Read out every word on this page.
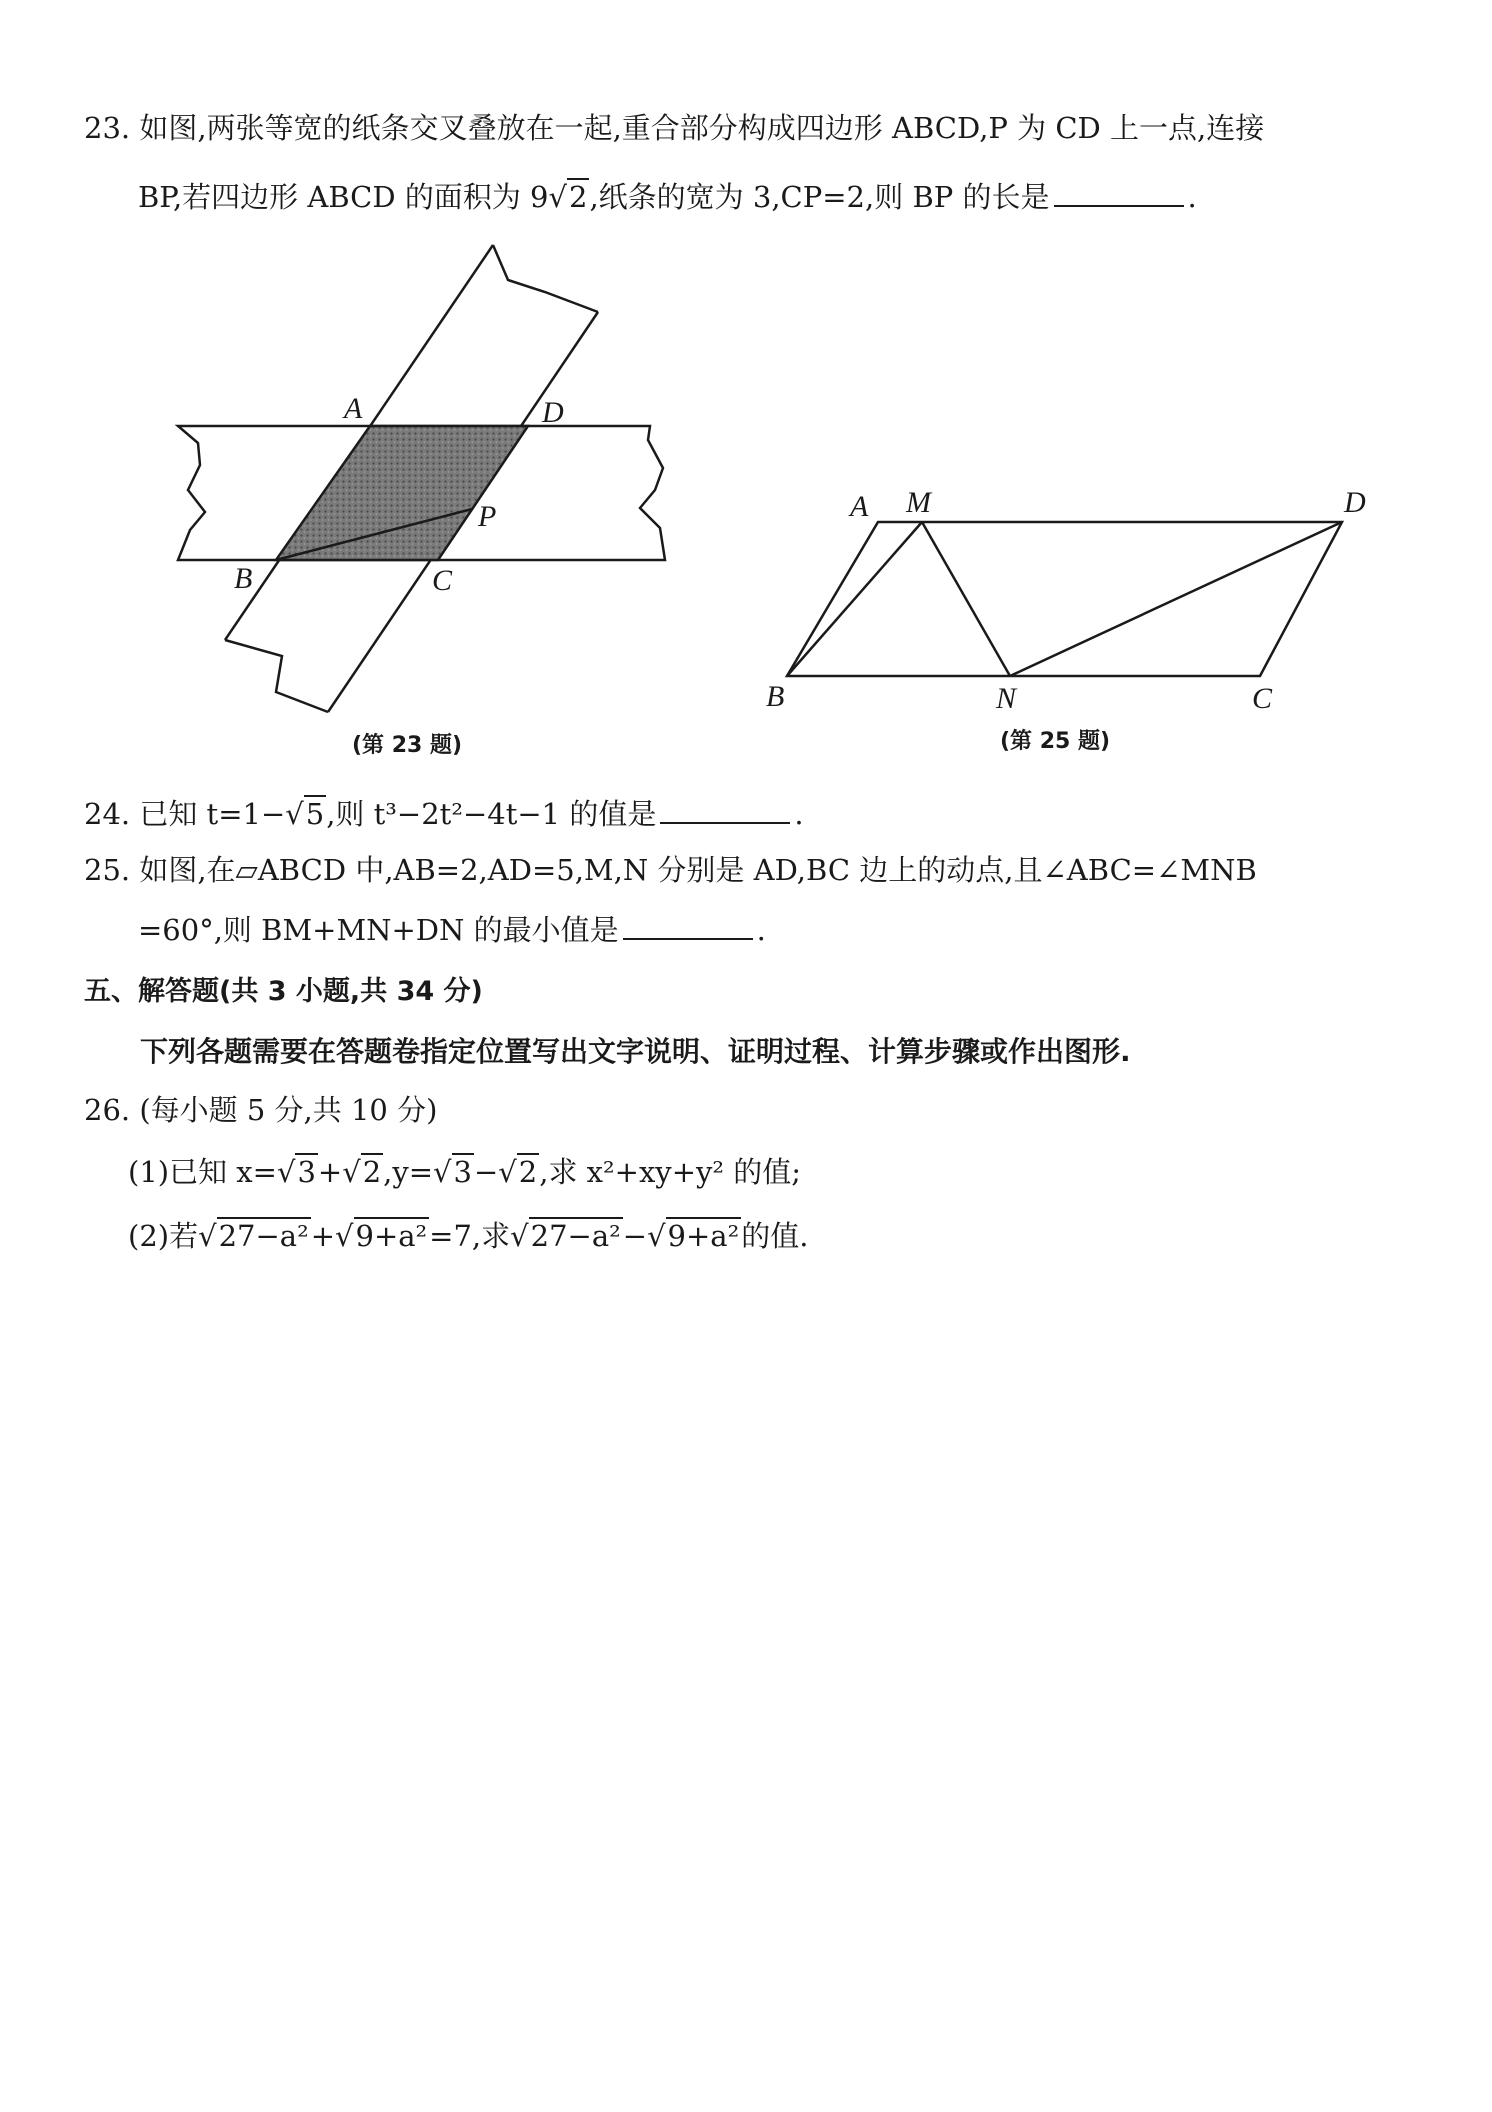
23. 如图,两张等宽的纸条交叉叠放在一起,重合部分构成四边形 ABCD,P 为 CD 上一点,连接
BP,若四边形 ABCD 的面积为 9√2,纸条的宽为 3,CP=2,则 BP 的长是	.
A	D
P
B	C
A M	D
B	N	C
(第 23 题)	(第 25 题)
24. 已知 t=1−√5,则 t³−2t²−4t−1 的值是	.
25. 如图,在▱ABCD 中,AB=2,AD=5,M,N 分别是 AD,BC 边上的动点,且∠ABC=∠MNB
=60°,则 BM+MN+DN 的最小值是	.
五、解答题(共 3 小题,共 34 分)
下列各题需要在答题卷指定位置写出文字说明、证明过程、计算步骤或作出图形.
26. (每小题 5 分,共 10 分)
(1)已知 x=√3+√2,y=√3−√2,求 x²+xy+y² 的值;
(2)若√27−a²+√9+a²=7,求√27−a²−√9+a²的值.
